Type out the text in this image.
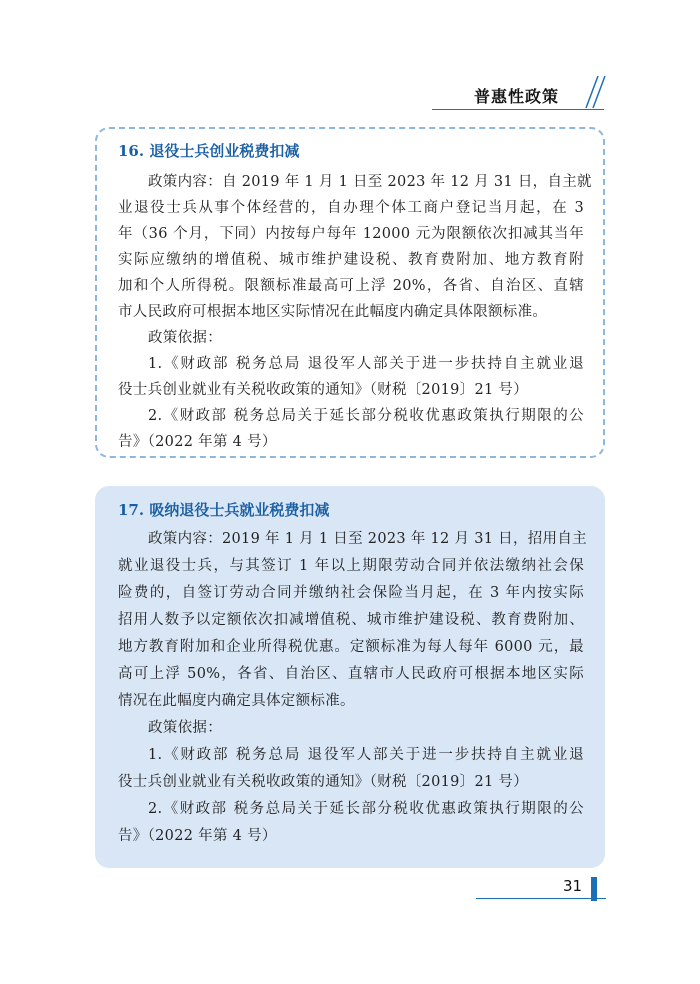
普惠性政策
16. 退役士兵创业税费扣减
政策内容：自 2019 年 1 月 1 日至 2023 年 12 月 31 日，自主就
业退役士兵从事个体经营的，自办理个体工商户登记当月起，在 3
年（36 个月，下同）内按每户每年 12000 元为限额依次扣减其当年
实际应缴纳的增值税、城市维护建设税、教育费附加、地方教育附
加和个人所得税。限额标准最高可上浮 20%，各省、自治区、直辖
市人民政府可根据本地区实际情况在此幅度内确定具体限额标准。
政策依据：
1.《财政部 税务总局 退役军人部关于进一步扶持自主就业退
役士兵创业就业有关税收政策的通知》（财税〔2019〕21 号）
2.《财政部 税务总局关于延长部分税收优惠政策执行期限的公
告》（2022 年第 4 号）
17. 吸纳退役士兵就业税费扣减
政策内容：2019 年 1 月 1 日至 2023 年 12 月 31 日，招用自主
就业退役士兵，与其签订 1 年以上期限劳动合同并依法缴纳社会保
险费的，自签订劳动合同并缴纳社会保险当月起，在 3 年内按实际
招用人数予以定额依次扣减增值税、城市维护建设税、教育费附加、
地方教育附加和企业所得税优惠。定额标准为每人每年 6000 元，最
高可上浮 50%，各省、自治区、直辖市人民政府可根据本地区实际
情况在此幅度内确定具体定额标准。
政策依据：
1.《财政部 税务总局 退役军人部关于进一步扶持自主就业退
役士兵创业就业有关税收政策的通知》（财税〔2019〕21 号）
2.《财政部 税务总局关于延长部分税收优惠政策执行期限的公
告》（2022 年第 4 号）
31
